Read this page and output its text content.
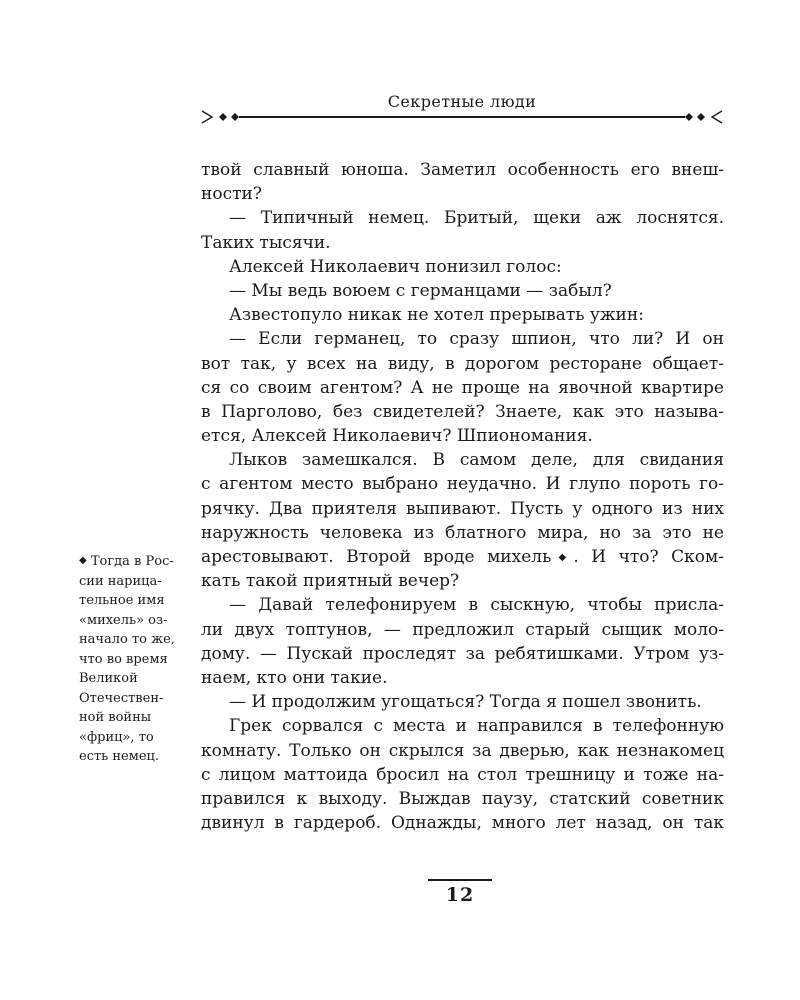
Секретные люди
твой славный юноша. Заметил особенность его внеш-
ности?
— Типичный немец. Бритый, щеки аж лоснятся.
Таких тысячи.
Алексей Николаевич понизил голос:
— Мы ведь воюем с германцами — забыл?
Азвестопуло никак не хотел прерывать ужин:
— Если германец, то сразу шпион, что ли? И он
вот так, у всех на виду, в дорогом ресторане общает-
ся со своим агентом? А не проще на явочной квартире
в Парголово, без свидетелей? Знаете, как это называ-
ется, Алексей Николаевич? Шпиономания.
Лыков замешкался. В самом деле, для свидания
с агентом место выбрано неудачно. И глупо пороть го-
рячку. Два приятеля выпивают. Пусть у одного из них
наружность человека из блатного мира, но за это не
арестовывают. Второй вроде михель◆. И что? Ском-
кать такой приятный вечер?
— Давай телефонируем в сыскную, чтобы присла-
ли двух топтунов, — предложил старый сыщик моло-
дому. — Пускай проследят за ребятишками. Утром уз-
наем, кто они такие.
— И продолжим угощаться? Тогда я пошел звонить.
Грек сорвался с места и направился в телефонную
комнату. Только он скрылся за дверью, как незнакомец
с лицом маттоида бросил на стол трешницу и тоже на-
правился к выходу. Выждав паузу, статский советник
двинул в гардероб. Однажды, много лет назад, он так
◆ Тогда в Рос-
сии нарица-
тельное имя
«михель» оз-
начало то же,
что во время
Великой
Отечествен-
ной войны
«фриц», то
есть немец.
12
